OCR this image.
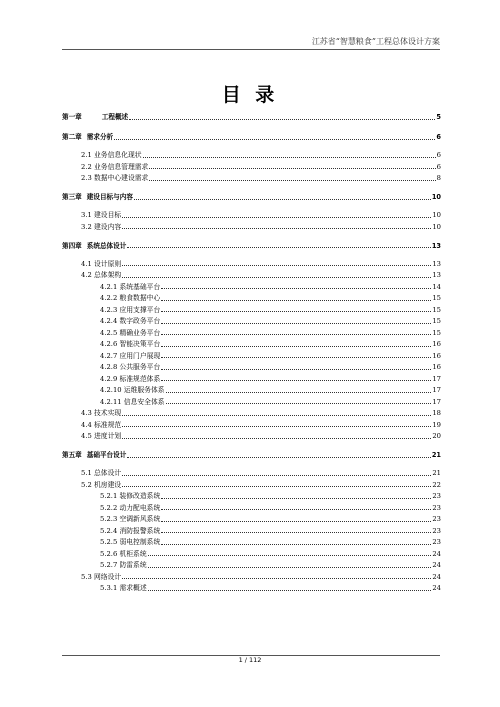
江苏省“智慧粮食”工程总体设计方案
目 录
第一章	工程概述	5
第二章 需求分析	6
2.1 业务信息化现状	6
2.2 业务信息管理需求	6
2.3 数据中心建设需求	8
第三章 建设目标与内容	10
3.1 建设目标	10
3.2 建设内容	10
第四章 系统总体设计	13
4.1 设计原则	13
4.2 总体架构	13
4.2.1 系统基础平台	14
4.2.2 粮食数据中心	15
4.2.3 应用支撑平台	15
4.2.4 数字政务平台	15
4.2.5 精确业务平台	15
4.2.6 智能决策平台	16
4.2.7 应用门户展现	16
4.2.8 公共服务平台	16
4.2.9 标准规范体系	17
4.2.10 运维服务体系	17
4.2.11 信息安全体系	17
4.3 技术实现	18
4.4 标准规范	19
4.5 进度计划	20
第五章 基础平台设计	21
5.1 总体设计	21
5.2 机房建设	22
5.2.1 装修改造系统	23
5.2.2 动力配电系统	23
5.2.3 空调新风系统	23
5.2.4 消防报警系统	23
5.2.5 弱电控制系统	23
5.2.6 机柜系统	24
5.2.7 防雷系统	24
5.3 网络设计	24
5.3.1 需求概述	24
1 / 112
